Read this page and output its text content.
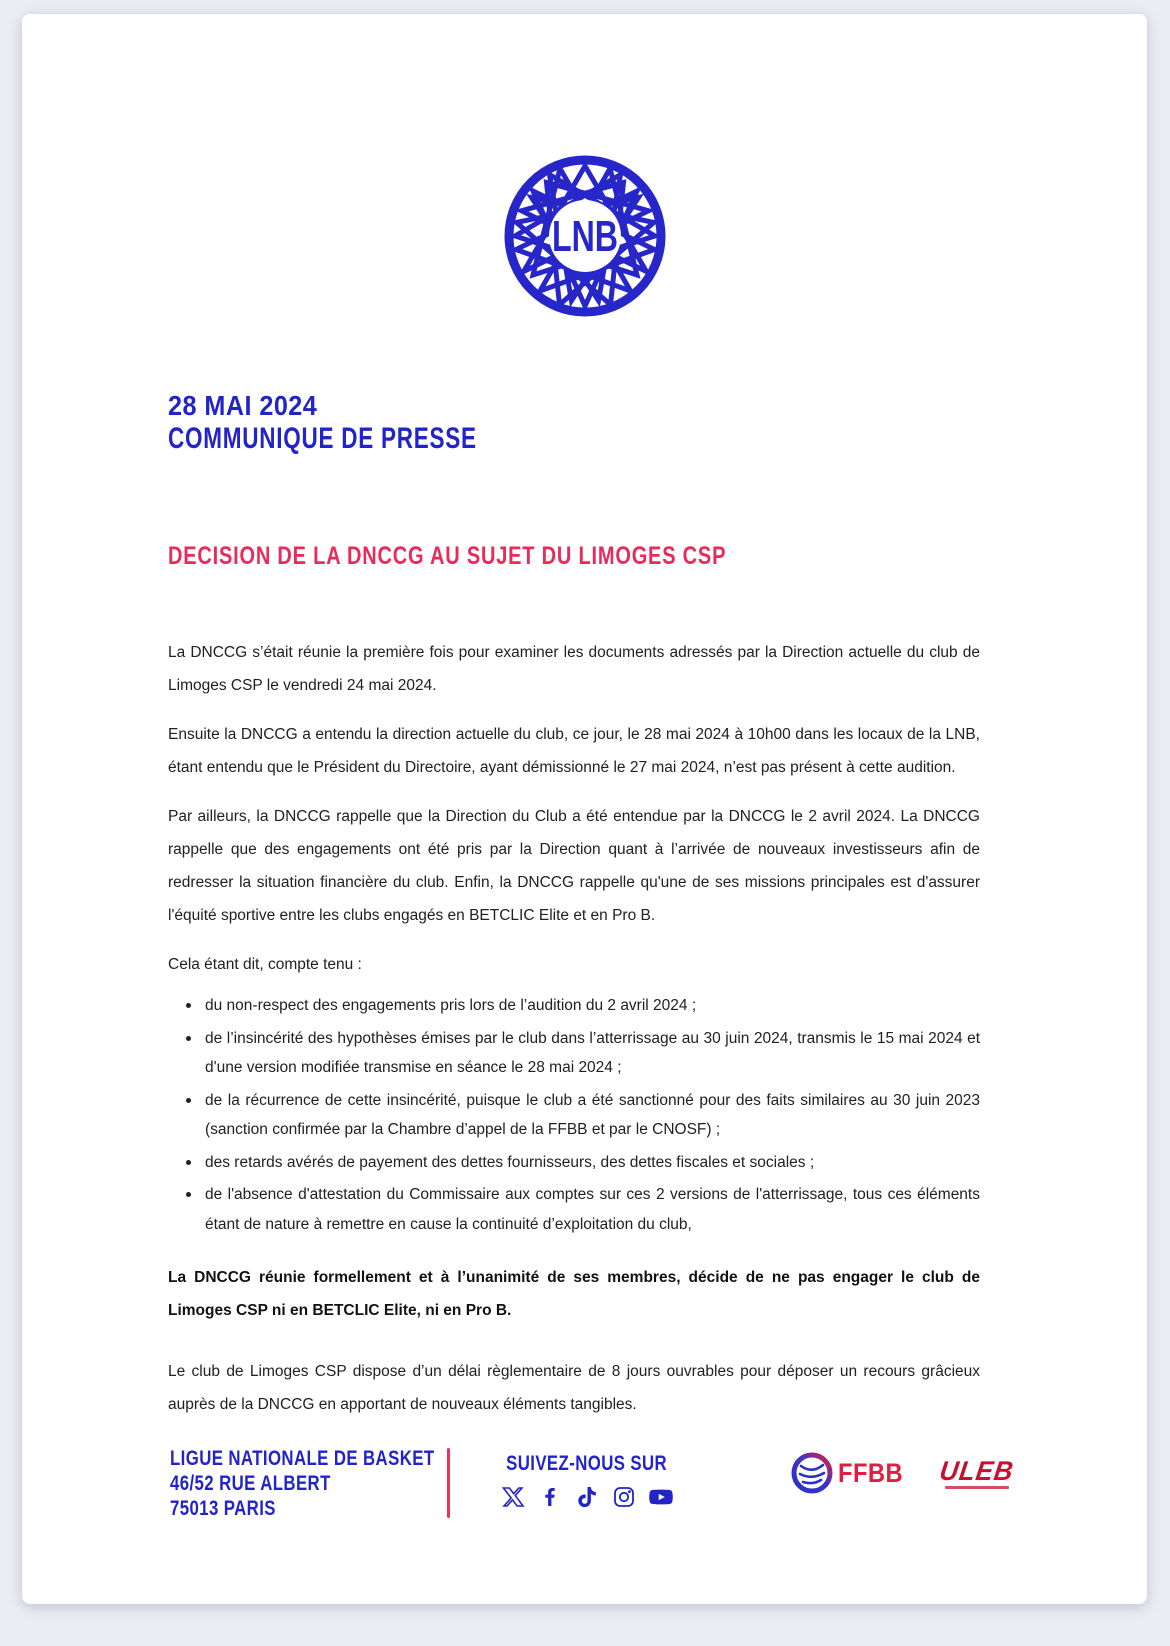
LNB
28 MAI 2024
COMMUNIQUE DE PRESSE
DECISION DE LA DNCCG AU SUJET DU LIMOGES CSP

La DNCCG s’était réunie la première fois pour examiner les documents adressés par la Direction actuelle du club de Limoges CSP le vendredi 24 mai 2024.

Ensuite la DNCCG a entendu la direction actuelle du club, ce jour, le 28 mai 2024 à 10h00 dans les locaux de la LNB, étant entendu que le Président du Directoire, ayant démissionné le 27 mai 2024, n’est pas présent à cette audition.

Par ailleurs, la DNCCG rappelle que la Direction du Club a été entendue par la DNCCG le 2 avril 2024. La DNCCG rappelle que des engagements ont été pris par la Direction quant à l’arrivée de nouveaux investisseurs afin de redresser la situation financière du club. Enfin, la DNCCG rappelle qu'une de ses missions principales est d'assurer l'équité sportive entre les clubs engagés en BETCLIC Elite et en Pro B.

Cela étant dit, compte tenu :

du non-respect des engagements pris lors de l’audition du 2 avril 2024 ;
de l’insincérité des hypothèses émises par le club dans l’atterrissage au 30 juin 2024, transmis le 15 mai 2024 et d'une version modifiée transmise en séance le 28 mai 2024 ;
de la récurrence de cette insincérité, puisque le club a été sanctionné pour des faits similaires au 30 juin 2023 (sanction confirmée par la Chambre d’appel de la FFBB et par le CNOSF) ;
des retards avérés de payement des dettes fournisseurs, des dettes fiscales et sociales ;
de l'absence d'attestation du Commissaire aux comptes sur ces 2 versions de l'atterrissage, tous ces éléments étant de nature à remettre en cause la continuité d’exploitation du club,

La DNCCG réunie formellement et à l’unanimité de ses membres, décide de ne pas engager le club de Limoges CSP ni en BETCLIC Elite, ni en Pro B.

Le club de Limoges CSP dispose d’un délai règlementaire de 8 jours ouvrables pour déposer un recours grâcieux auprès de la DNCCG en apportant de nouveaux éléments tangibles.

LIGUE NATIONALE DE BASKET
46/52 RUE ALBERT
75013 PARIS
SUIVEZ-NOUS SUR	FFBB ULEB
